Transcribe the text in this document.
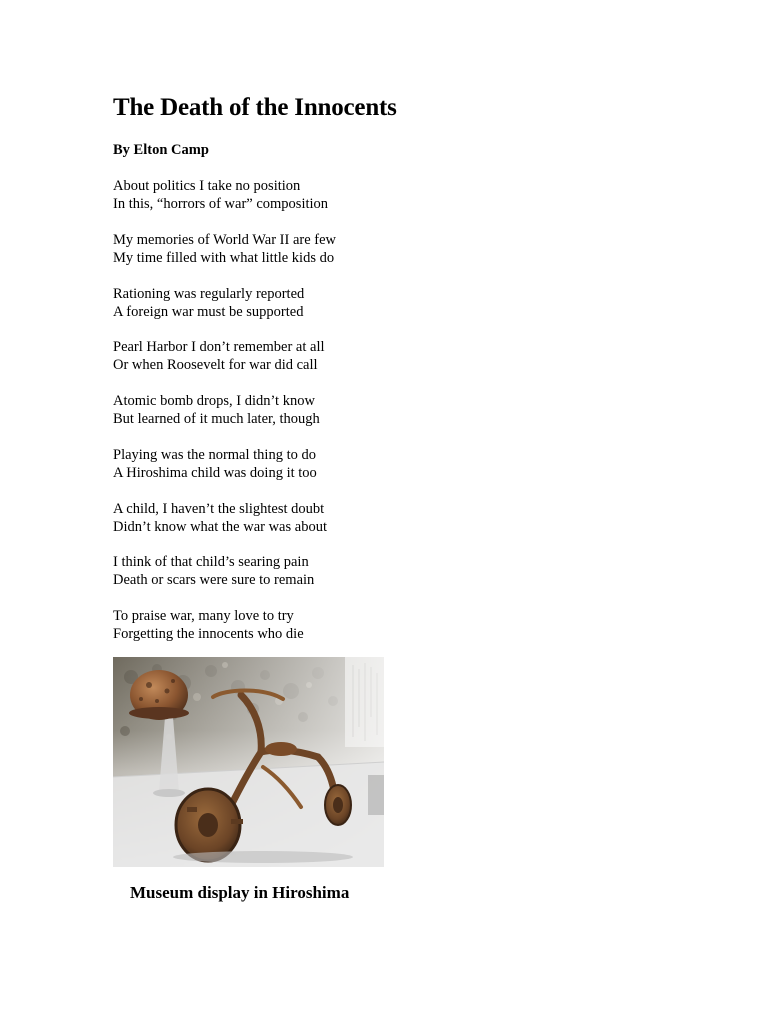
The Death of the Innocents

By Elton Camp

About politics I take no position
In this, “horrors of war” composition

My memories of World War II are few
My time filled with what little kids do

Rationing was regularly reported
A foreign war must be supported

Pearl Harbor I don’t remember at all
Or when Roosevelt for war did call

Atomic bomb drops, I didn’t know
But learned of it much later, though

Playing was the normal thing to do
A Hiroshima child was doing it too

A child, I haven’t the slightest doubt
Didn’t know what the war was about

I think of that child’s searing pain
Death or scars were sure to remain

To praise war, many love to try
Forgetting the innocents who die

Museum display in Hiroshima
